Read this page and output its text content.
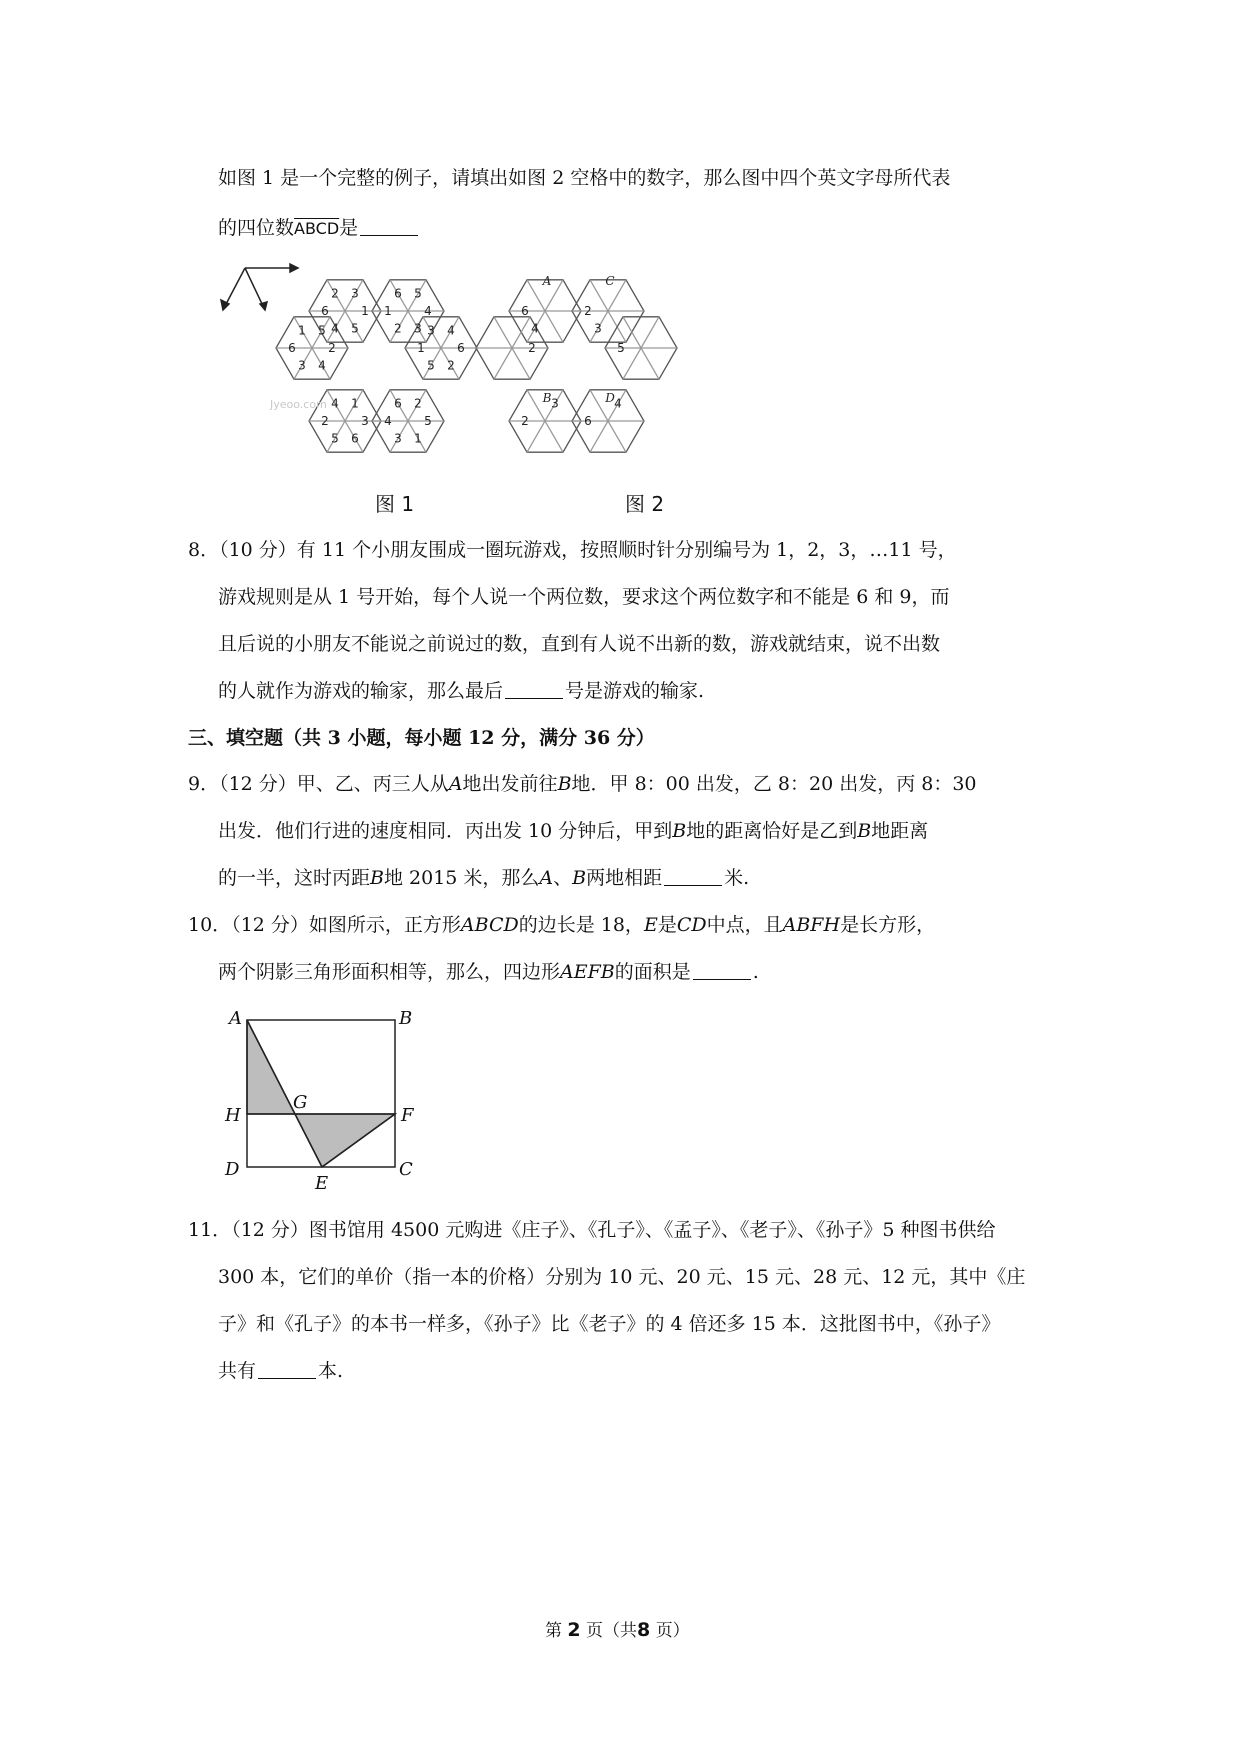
如图 1 是一个完整的例子，请填出如图 2 空格中的数字，那么图中四个英文字母所代表
的四位数ABCD是
3
1
5
4
6
2	5
4
3
2
1
6
5
2
4
3
6
1	4
6
2
5
1
3
1
3
6
5
2
4	2
5
1
3
4
6
4
6
3
2
2	5
3
2
4
6
A	C
B	D
Jyeoo.com
图 1	图 2
8．（10 分）有 11 个小朋友围成一圈玩游戏，按照顺时针分别编号为 1，2，3，…11 号，
游戏规则是从 1 号开始，每个人说一个两位数，要求这个两位数字和不能是 6 和 9，而
且后说的小朋友不能说之前说过的数，直到有人说不出新的数，游戏就结束，说不出数
的人就作为游戏的输家，那么最后	号是游戏的输家.
三、填空题（共 3 小题，每小题 12 分，满分 36 分）
9．（12 分）甲、乙、丙三人从A地出发前往B地．甲 8：00 出发，乙 8：20 出发，丙 8：30
出发．他们行进的速度相同．丙出发 10 分钟后，甲到B地的距离恰好是乙到B地距离
的一半，这时丙距B地 2015 米，那么A、B两地相距	米.
10．（12 分）如图所示，正方形ABCD的边长是 18，E是CD中点，且ABFH是长方形，
两个阴影三角形面积相等，那么，四边形AEFB的面积是	.
A	B
H
G
F
D
E
C
11．（12 分）图书馆用 4500 元购进《庄子》、《孔子》、《孟子》、《老子》、《孙子》5 种图书供给
300 本，它们的单价（指一本的价格）分别为 10 元、20 元、15 元、28 元、12 元，其中《庄
子》和《孔子》的本书一样多，《孙子》比《老子》的 4 倍还多 15 本．这批图书中，《孙子》
共有	本.
第 2 页（共8 页）
